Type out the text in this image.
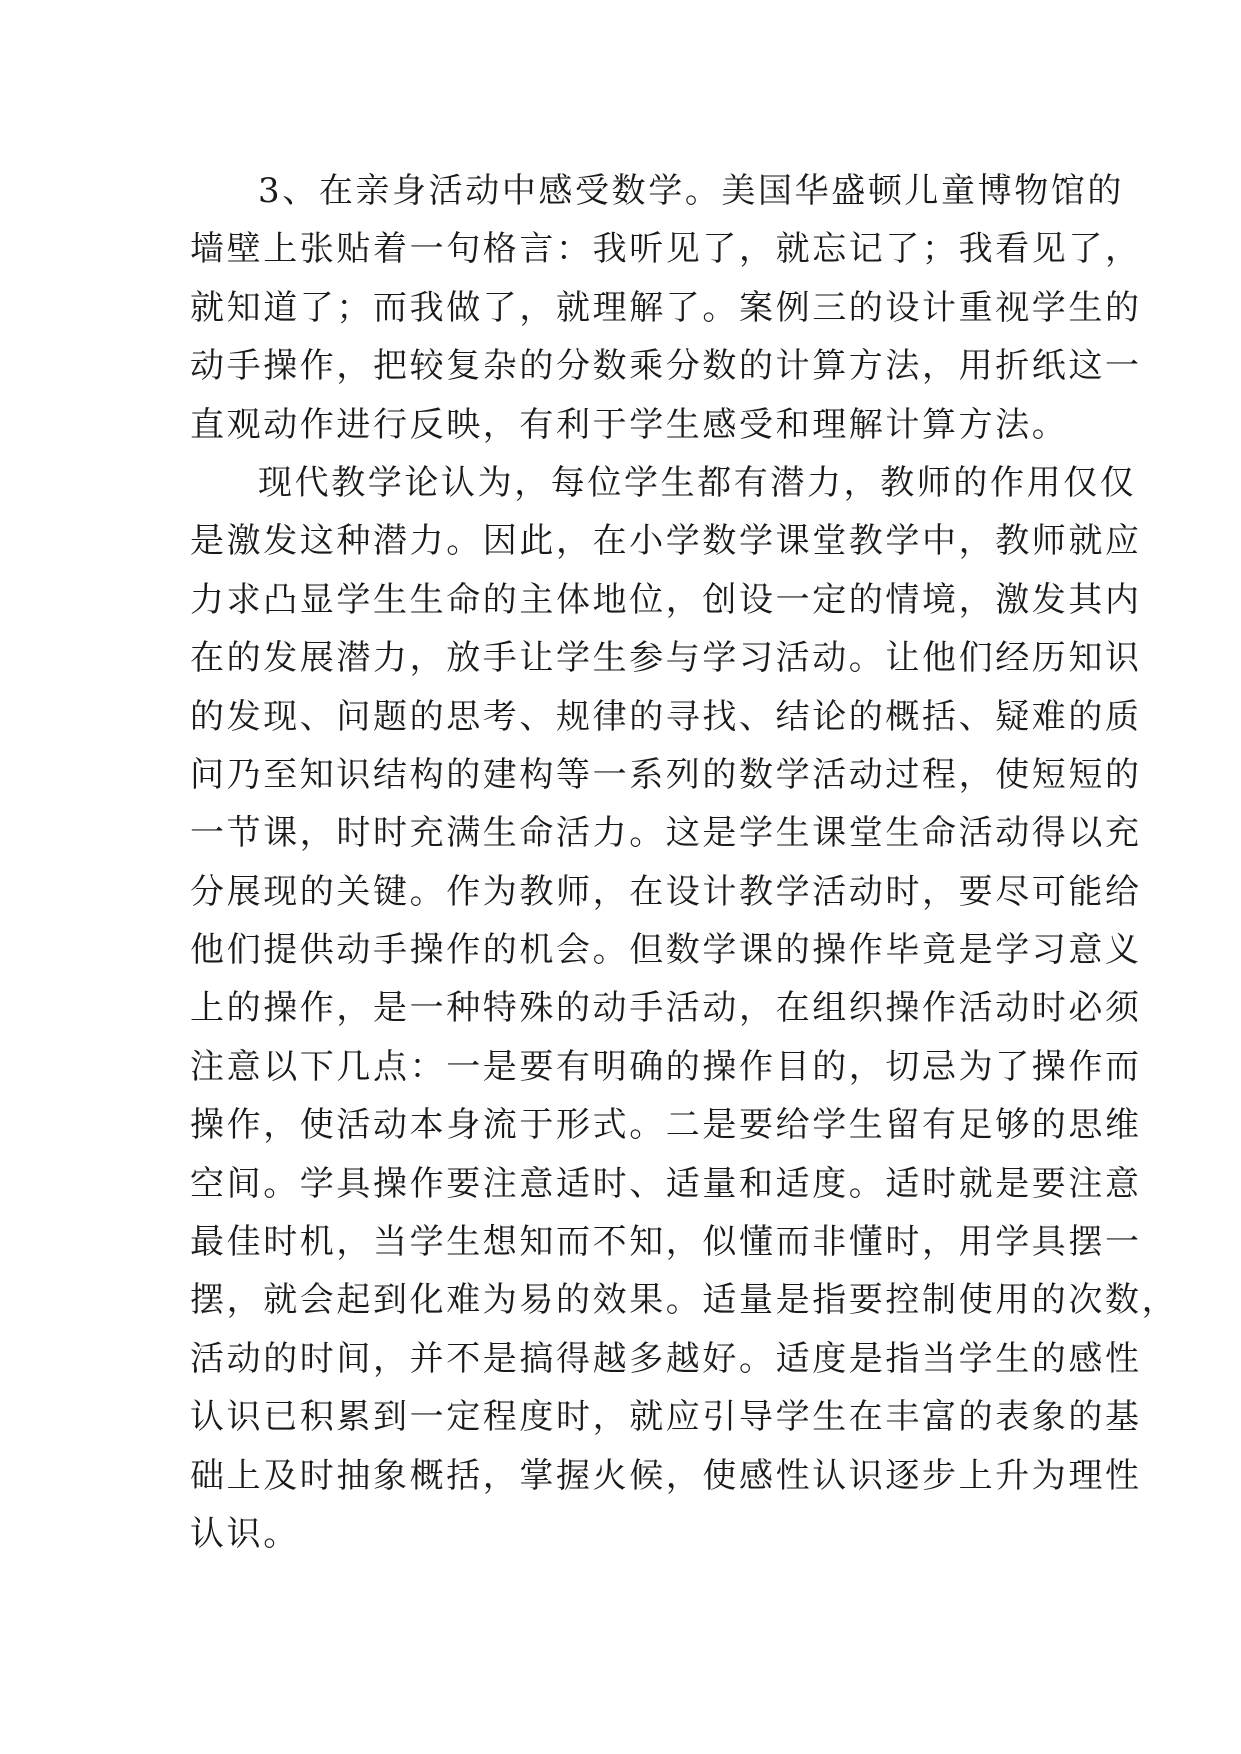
3、在亲身活动中感受数学。美国华盛顿儿童博物馆的
墙壁上张贴着一句格言：我听见了，就忘记了；我看见了，
就知道了；而我做了，就理解了。案例三的设计重视学生的
动手操作，把较复杂的分数乘分数的计算方法，用折纸这一
直观动作进行反映，有利于学生感受和理解计算方法。
现代教学论认为，每位学生都有潜力，教师的作用仅仅
是激发这种潜力。因此，在小学数学课堂教学中，教师就应
力求凸显学生生命的主体地位，创设一定的情境，激发其内
在的发展潜力，放手让学生参与学习活动。让他们经历知识
的发现、问题的思考、规律的寻找、结论的概括、疑难的质
问乃至知识结构的建构等一系列的数学活动过程，使短短的
一节课，时时充满生命活力。这是学生课堂生命活动得以充
分展现的关键。作为教师，在设计教学活动时，要尽可能给
他们提供动手操作的机会。但数学课的操作毕竟是学习意义
上的操作，是一种特殊的动手活动，在组织操作活动时必须
注意以下几点：一是要有明确的操作目的，切忌为了操作而
操作，使活动本身流于形式。二是要给学生留有足够的思维
空间。学具操作要注意适时、适量和适度。适时就是要注意
最佳时机，当学生想知而不知，似懂而非懂时，用学具摆一
摆，就会起到化难为易的效果。适量是指要控制使用的次数，
活动的时间，并不是搞得越多越好。适度是指当学生的感性
认识已积累到一定程度时，就应引导学生在丰富的表象的基
础上及时抽象概括，掌握火候，使感性认识逐步上升为理性
认识。
